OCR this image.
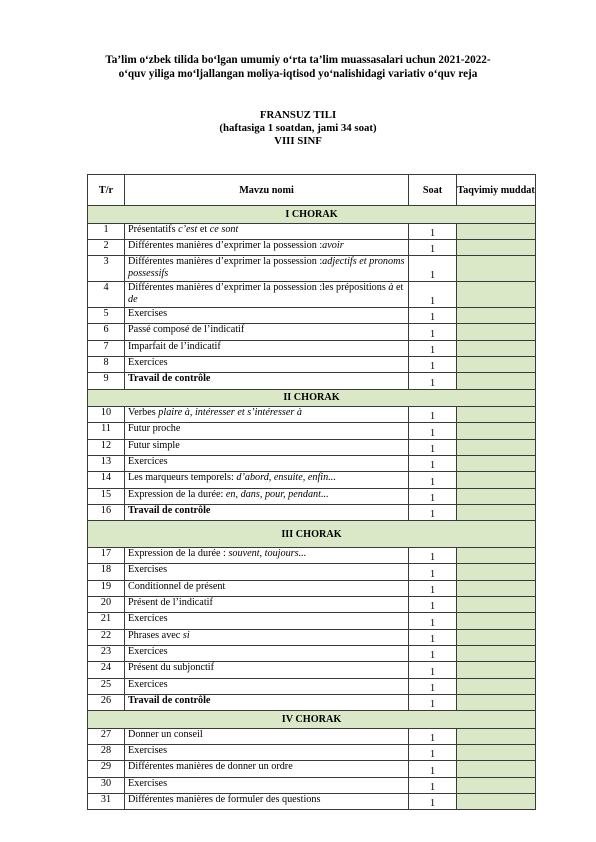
Ta’lim o‘zbek tilida bo‘lgan umumiy o‘rta ta’lim muassasalari uchun 2021-2022-o‘quv yiliga mo‘ljallangan moliya-iqtisod yo‘nalishidagi variativ o‘quv reja
FRANSUZ TILI
(haftasiga 1 soatdan, jami 34 soat)
VIII SINF
T/r	Mavzu nomi	Soat	Taqvimiy muddat
I CHORAK			
1	Présentatifs c’est et ce sont	1	
2	Différentes manières d’exprimer la possession :avoir	1	
3	Différentes manières d’exprimer la possession :adjectifs et pronoms possessifs	1	
4	Différentes manières d’exprimer la possession :les prépositions à et de	1	
5	Exercises	1	
6	Passé composé de l’indicatif	1	
7	Imparfait de l’indicatif	1	
8	Exercices	1	
9	Travail de contrôle	1	
II CHORAK			
10	Verbes plaire à, intéresser et s’intéresser à	1	
11	Futur proche	1	
12	Futur simple	1	
13	Exercices	1	
14	Les marqueurs temporels: d’abord, ensuite, enfin...	1	
15	Expression de la durée: en, dans, pour, pendant...	1	
16	Travail de contrôle	1	
III CHORAK			
17	Expression de la durée : souvent, toujours...	1	
18	Exercises	1	
19	Conditionnel de présent	1	
20	Présent de l’indicatif	1	
21	Exercices	1	
22	Phrases avec si	1	
23	Exercices	1	
24	Présent du subjonctif	1	
25	Exercices	1	
26	Travail de contrôle	1	
IV CHORAK			
27	Donner un conseil	1	
28	Exercises	1	
29	Différentes manières de donner un ordre	1	
30	Exercises	1	
31	Différentes manières de formuler des questions	1	
